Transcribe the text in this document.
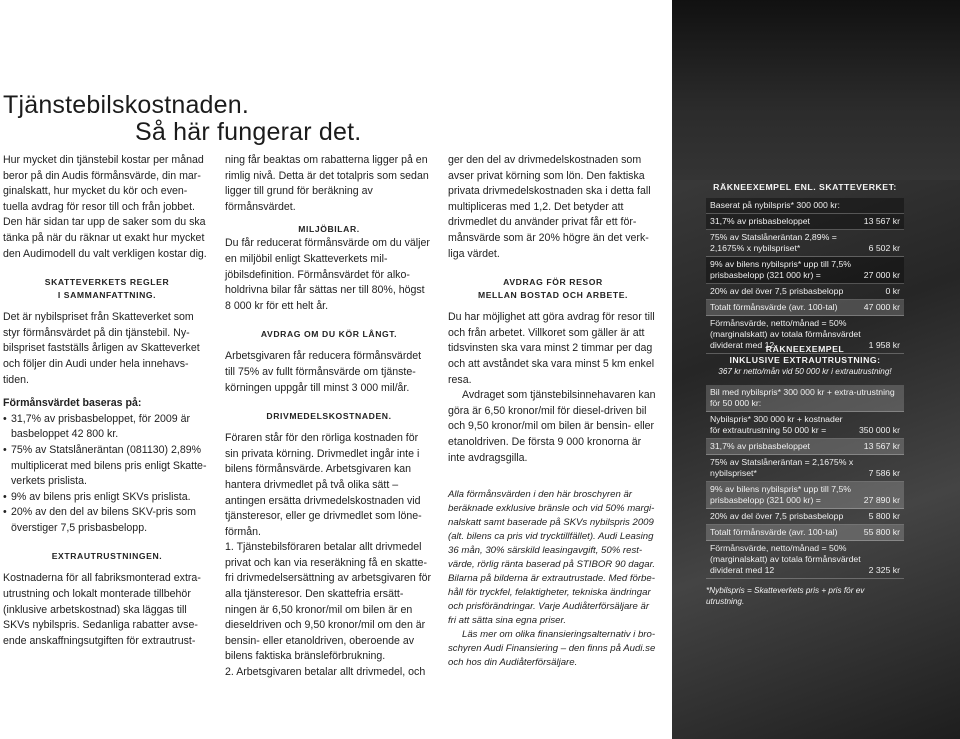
Tjänstebilskostnaden.
Så här fungerar det.

Hur mycket din tjänstebil kostar per månad beror på din Audis förmånsvärde, din mar-ginalskatt, hur mycket du kör och even-tuella avdrag för resor till och från jobbet.

Den här sidan tar upp de saker som du ska tänka på när du räknar ut exakt hur mycket den Audimodell du valt verkligen kostar dig.

SKATTEVERKETS REGLER
I SAMMANFATTNING.

Det är nybilspriset från Skatteverket som styr förmånsvärdet på din tjänstebil. Ny-bilspriset fastställs årligen av Skatteverket och följer din Audi under hela innehavs-tiden.

Förmånsvärdet baseras på:

• 31,7% av prisbasbeloppet, för 2009 är basbeloppet 42 800 kr.
• 75% av Statslåneräntan (081130) 2,89% multiplicerat med bilens pris enligt Skatte-verkets prislista.
• 9% av bilens pris enligt SKVs prislista.
• 20% av den del av bilens SKV-pris som överstiger 7,5 prisbasbelopp.
EXTRAUTRUSTNINGEN.

Kostnaderna för all fabriksmonterad extra-utrustning och lokalt monterade tillbehör (inklusive arbetskostnad) ska läggas till SKVs nybilspris. Sedanliga rabatter avse-ende anskaffningsutgiften för extrautrust-

ning får beaktas om rabatterna ligger på en rimlig nivå. Detta är det totalpris som sedan ligger till grund för beräkning av förmånsvärdet.

MILJÖBILAR.

Du får reducerat förmånsvärde om du väljer en miljöbil enligt Skatteverkets mil-jöbilsdefinition. Förmånsvärdet för alko-holdrivna bilar får sättas ner till 80%, högst 8 000 kr för ett helt år.

AVDRAG OM DU KÖR LÅNGT.

Arbetsgivaren får reducera förmånsvärdet till 75% av fullt förmånsvärde om tjänste-körningen uppgår till minst 3 000 mil/år.

DRIVMEDELSKOSTNADEN.

Föraren står för den rörliga kostnaden för sin privata körning. Drivmedlet ingår inte i bilens förmånsvärde. Arbetsgivaren kan hantera drivmedlet på två olika sätt – antingen ersätta drivmedelskostnaden vid tjänsteresor, eller ge drivmedlet som löne-förmån.

1. Tjänstebilsföraren betalar allt drivmedel privat och kan via reseräkning få en skatte-fri drivmedelsersättning av arbetsgivaren för alla tjänsteresor. Den skattefria ersätt-ningen är 6,50 kronor/mil om bilen är en dieseldriven och 9,50 kronor/mil om den är bensin- eller etanoldriven, oberoende av bilens faktiska bränsleförbrukning.

2. Arbetsgivaren betalar allt drivmedel, och

ger den del av drivmedelskostnaden som avser privat körning som lön. Den faktiska privata drivmedelskostnaden ska i detta fall multipliceras med 1,2. Det betyder att drivmedlet du använder privat får ett för-månsvärde som är 20% högre än det verk-liga värdet.

AVDRAG FÖR RESOR
MELLAN BOSTAD OCH ARBETE.

Du har möjlighet att göra avdrag för resor till och från arbetet. Villkoret som gäller är att tidsvinsten ska vara minst 2 timmar per dag och att avståndet ska vara minst 5 km enkel resa.

Avdraget som tjänstebilsinnehavaren kan göra är 6,50 kronor/mil för diesel-driven bil och 9,50 kronor/mil om bilen är bensin- eller etanoldriven. De första 9 000 kronorna är inte avdragsgilla.

Alla förmånsvärden i den här broschyren är beräknade exklusive bränsle och vid 50% margi-nalskatt samt baserade på SKVs nybilspris 2009 (alt. bilens ca pris vid trycktillfället). Audi Leasing 36 mån, 30% särskild leasingavgift, 50% rest-värde, rörlig ränta baserad på STIBOR 90 dagar. Bilarna på bilderna är extrautrustade. Med förbe-håll för tryckfel, felaktigheter, tekniska ändringar och prisförändringar. Varje Audiåterförsäljare är fri att sätta sina egna priser.

Läs mer om olika finansieringsalternativ i bro-schyren Audi Finansiering – den finns på Audi.se och hos din Audiåterförsäljare.

RÄKNEEXEMPEL ENL. SKATTEVERKET:
Baserat på nybilspris* 300 000 kr:
31,7% av prisbasbeloppet	13 567 kr
75% av Statslåneräntan 2,89% = 2,1675% x nybilspriset*	6 502 kr
9% av bilens nybilspris* upp till 7,5% prisbasbelopp (321 000 kr) =	27 000 kr
20% av del över 7,5 prisbasbelopp	0 kr
Totalt förmånsvärde (avr. 100-tal)	47 000 kr
Förmånsvärde, netto/månad = 50% (marginalskatt) av totala förmånsvärdet dividerat med 12	1 958 kr
RÄKNEEXEMPEL
INKLUSIVE EXTRAUTRUSTNING:
367 kr netto/mån vid 50 000 kr i extrautrustning!
Bil med nybilspris* 300 000 kr + extra-utrustning för 50 000 kr:
Nybilspris* 300 000 kr + kostnader för extrautrustning 50 000 kr =	350 000 kr
31,7% av prisbasbeloppet	13 567 kr
75% av Statslåneräntan = 2,1675% x nybilspriset*	7 586 kr
9% av bilens nybilspris* upp till 7,5% prisbasbelopp (321 000 kr) =	27 890 kr
20% av del över 7,5 prisbasbelopp	5 800 kr
Totalt förmånsvärde (avr. 100-tal)	55 800 kr
Förmånsvärde, netto/månad = 50% (marginalskatt) av totala förmånsvärdet dividerat med 12	2 325 kr
*Nybilspris = Skatteverkets pris + pris för ev utrustning.
